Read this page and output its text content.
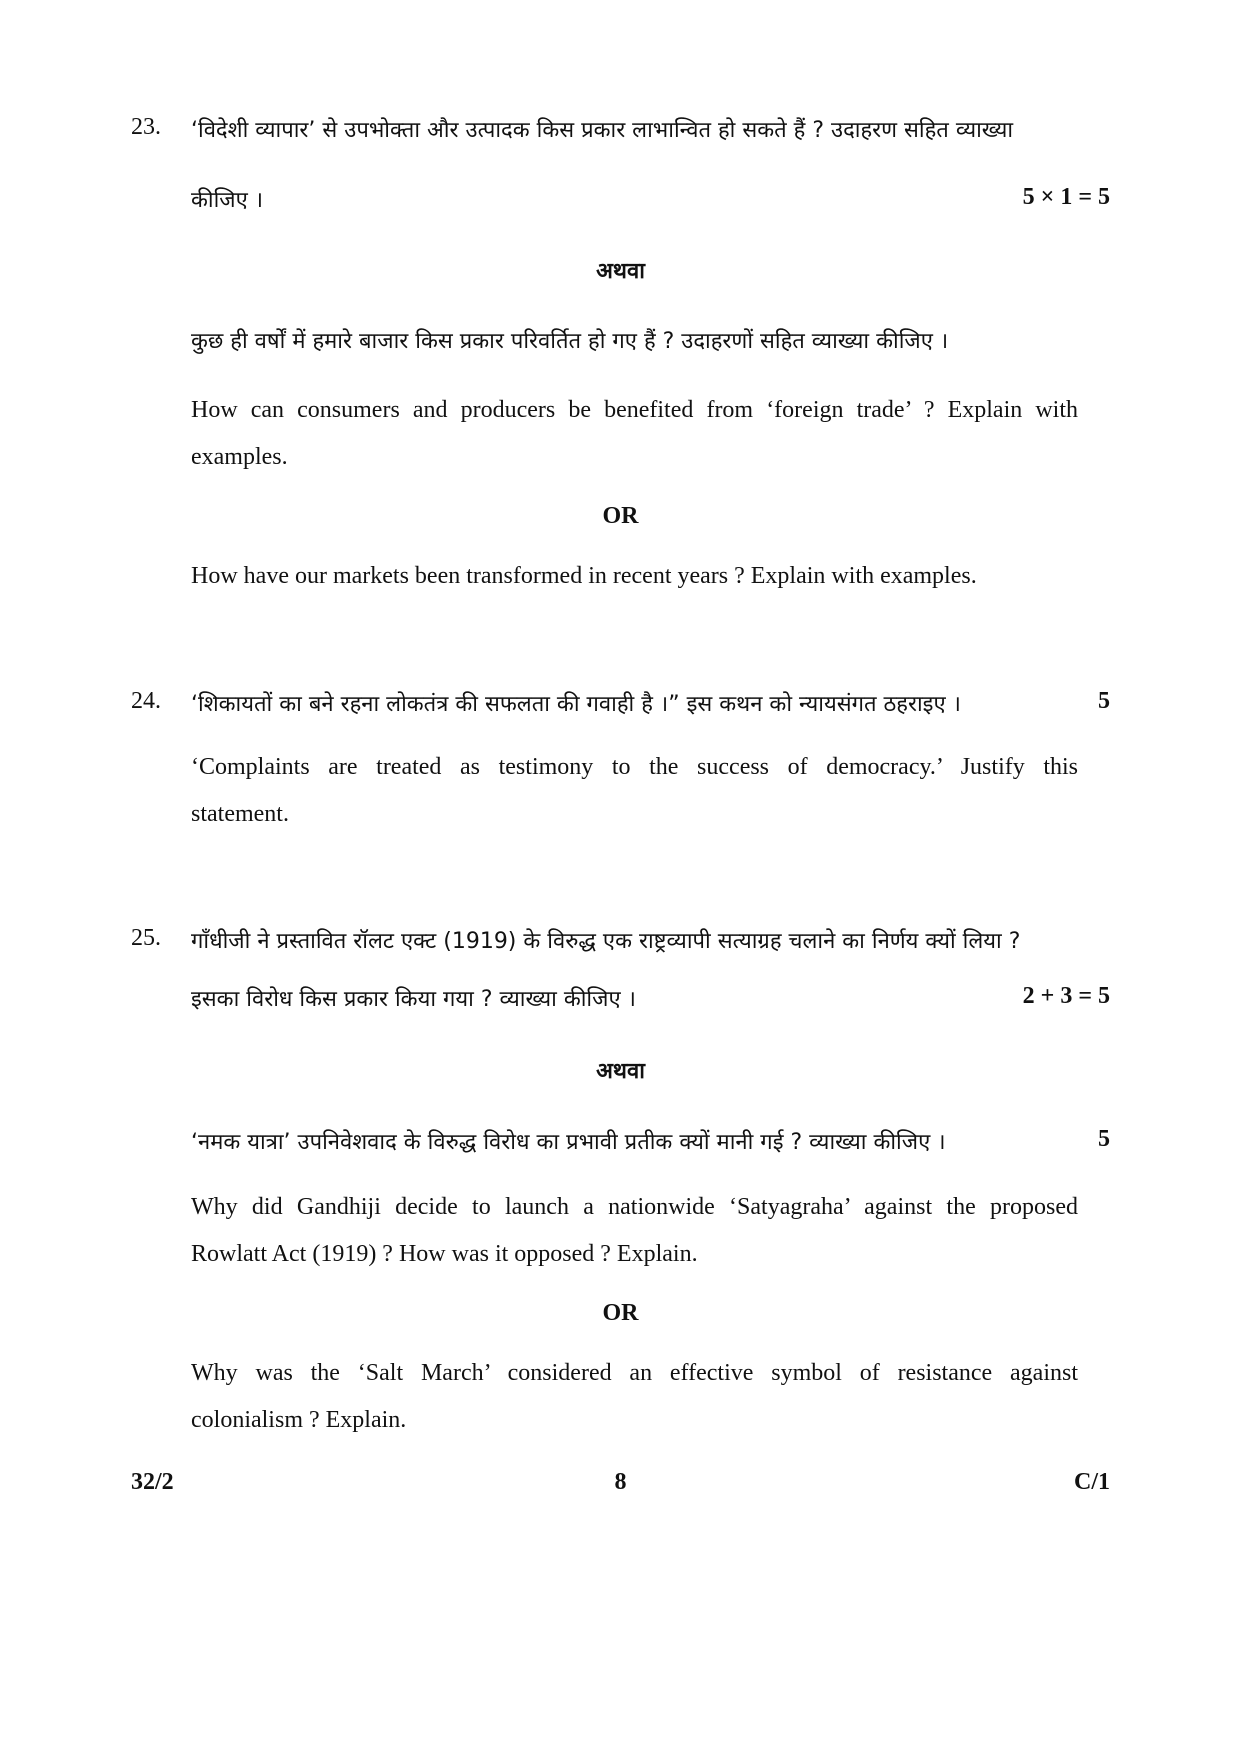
23. ‘विदेशी व्यापार’ से उपभोक्ता और उत्पादक किस प्रकार लाभान्वित हो सकते हैं ? उदाहरण सहित व्याख्या
कीजिए ।	5 × 1 = 5
अथवा
कुछ ही वर्षों में हमारे बाजार किस प्रकार परिवर्तित हो गए हैं ? उदाहरणों सहित व्याख्या कीजिए ।
How can consumers and producers be benefited from ‘foreign trade’ ? Explain with
examples.
OR
How have our markets been transformed in recent years ? Explain with examples.
24. ‘शिकायतों का बने रहना लोकतंत्र की सफलता की गवाही है ।” इस कथन को न्यायसंगत ठहराइए ।	5
‘Complaints are treated as testimony to the success of democracy.’ Justify this
statement.
25. गाँधीजी ने प्रस्तावित रॉलट एक्ट (1919) के विरुद्ध एक राष्ट्रव्यापी सत्याग्रह चलाने का निर्णय क्यों लिया ?
इसका विरोध किस प्रकार किया गया ? व्याख्या कीजिए ।	2 + 3 = 5
अथवा
‘नमक यात्रा’ उपनिवेशवाद के विरुद्ध विरोध का प्रभावी प्रतीक क्यों मानी गई ? व्याख्या कीजिए ।	5
Why did Gandhiji decide to launch a nationwide ‘Satyagraha’ against the proposed
Rowlatt Act (1919) ? How was it opposed ? Explain.
OR
Why was the ‘Salt March’ considered an effective symbol of resistance against
colonialism ? Explain.
32/2	8	C/1
